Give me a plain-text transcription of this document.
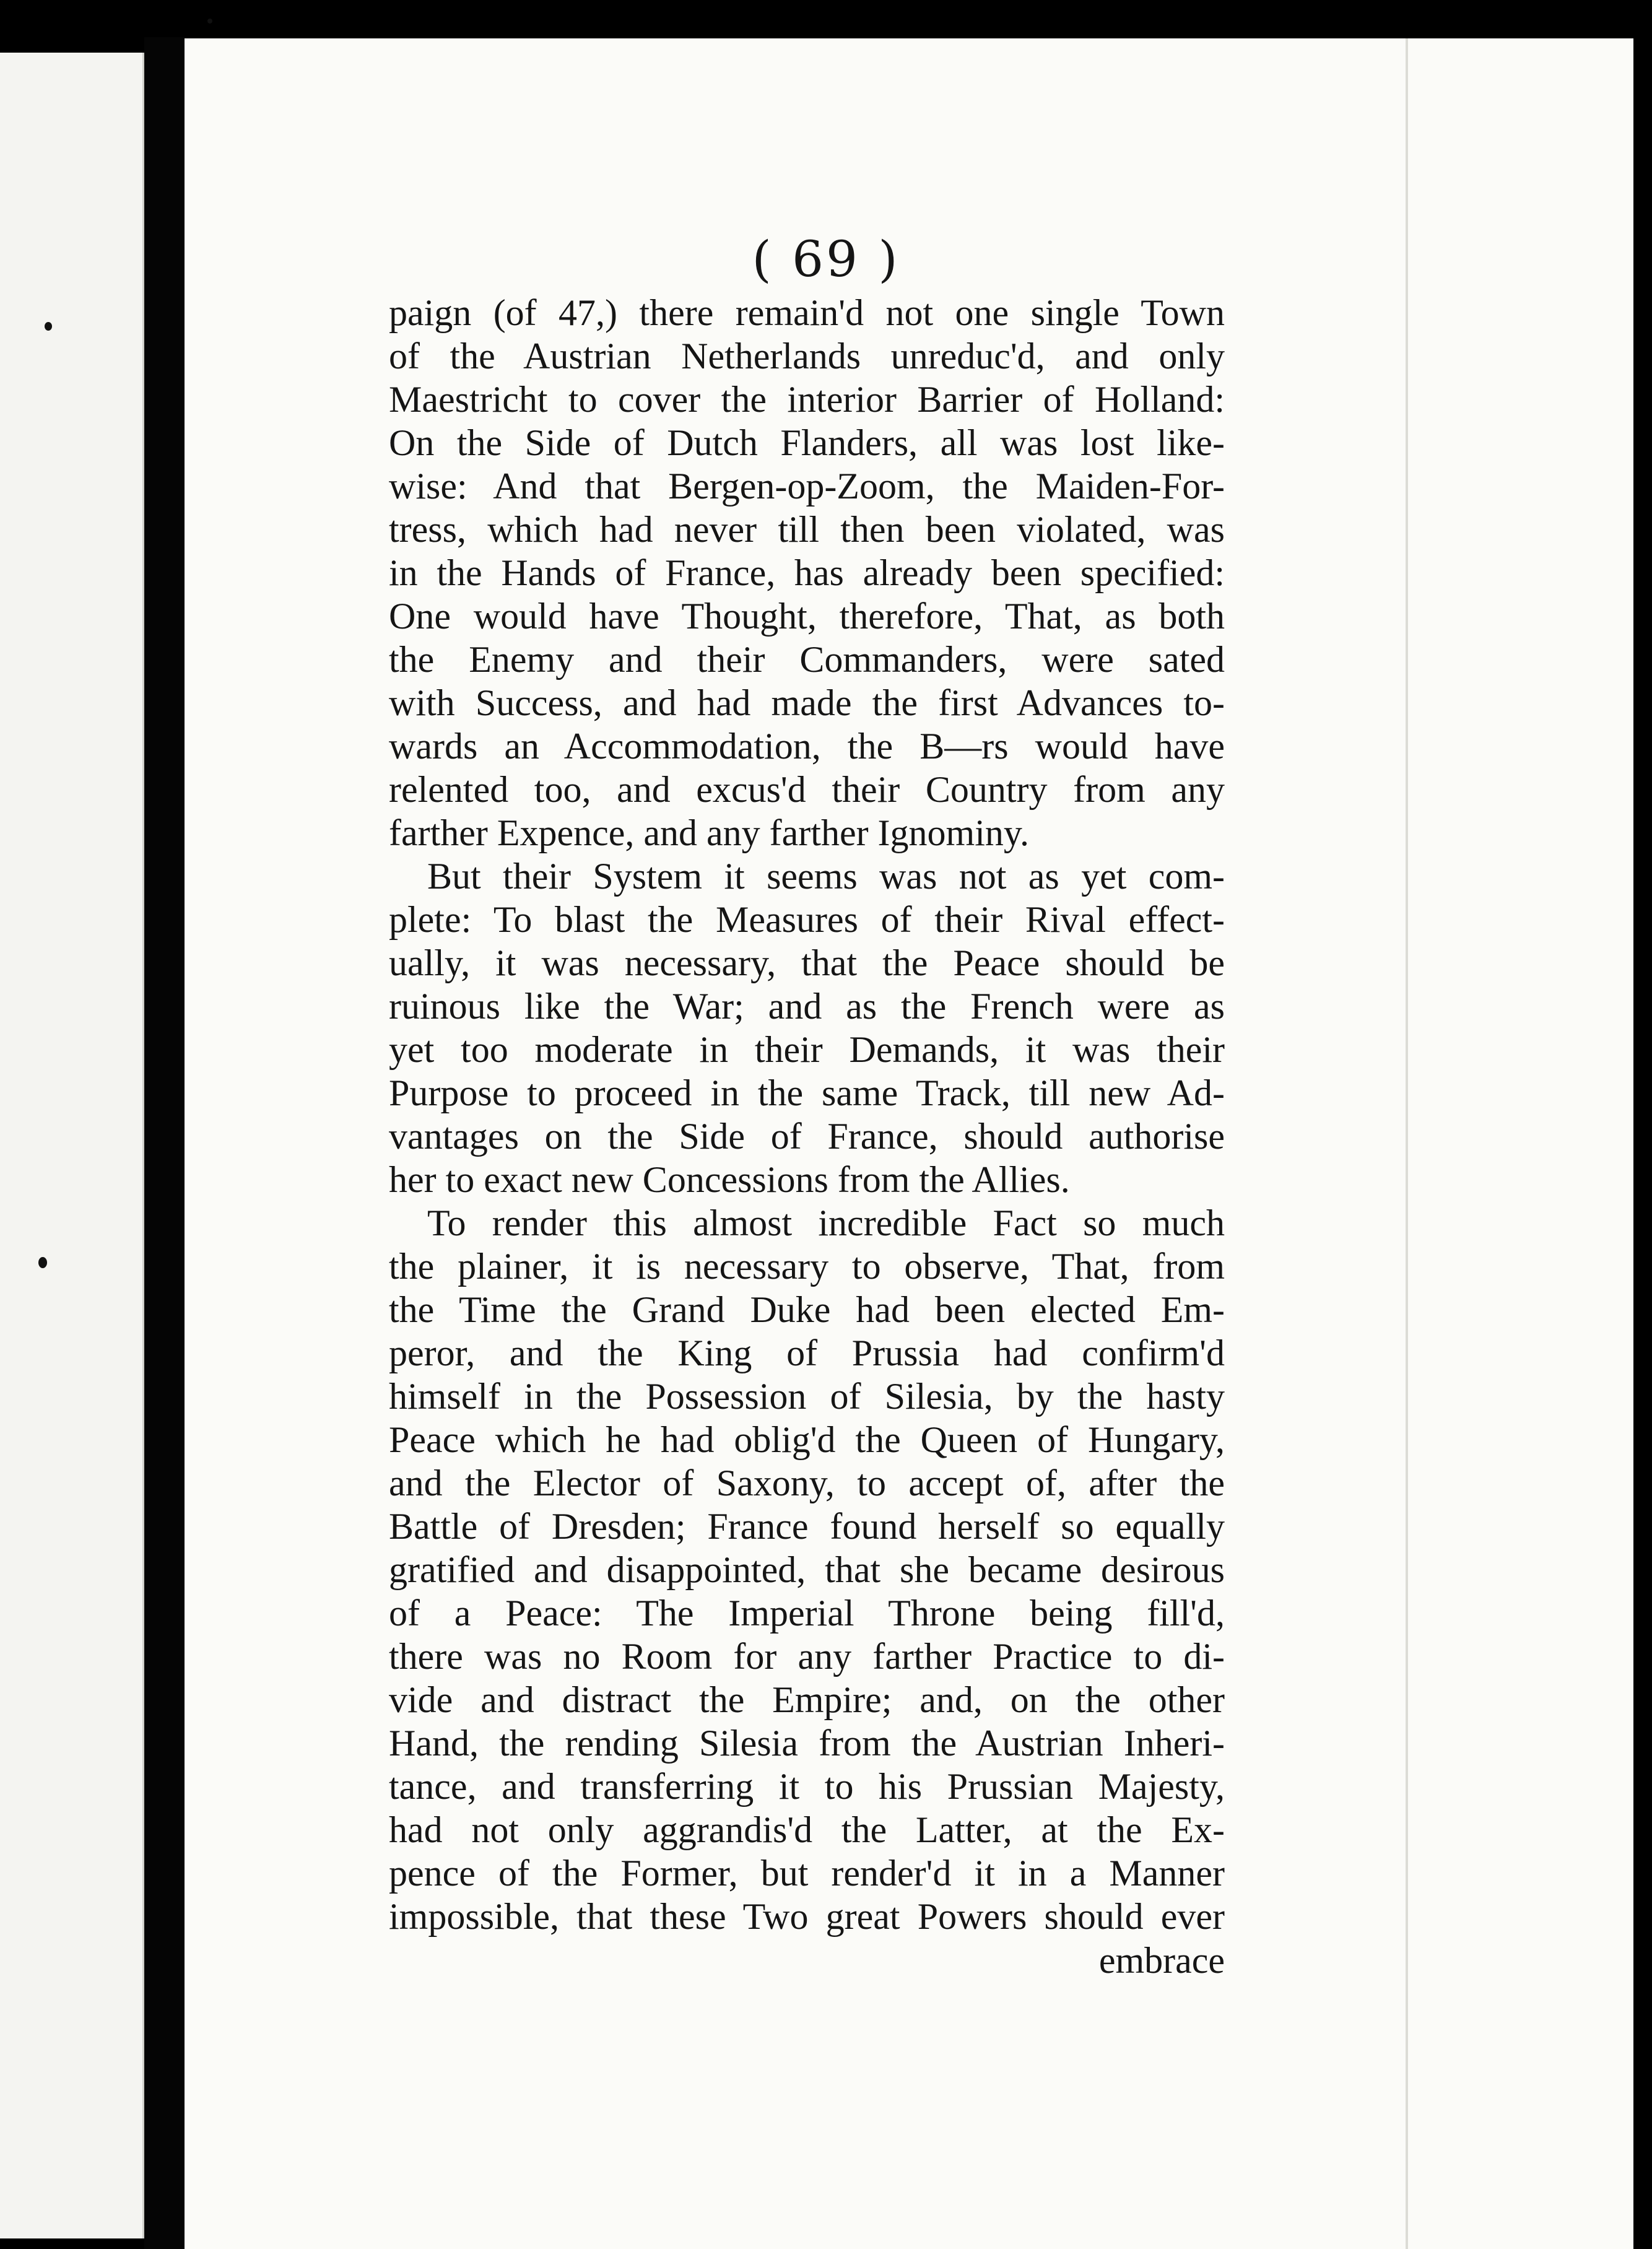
( 69 )
paign (of 47,) there remain'd not one single Town
of the Austrian Netherlands unreduc'd, and only
Maestricht to cover the interior Barrier of Holland:
On the Side of Dutch Flanders, all was lost like-
wise: And that Bergen-op-Zoom, the Maiden-For-
tress, which had never till then been violated, was
in the Hands of France, has already been specified:
One would have Thought, therefore, That, as both
the Enemy and their Commanders, were sated
with Success, and had made the first Advances to-
wards an Accommodation, the B—rs would have
relented too, and excus'd their Country from any
farther Expence, and any farther Ignominy.
But their System it seems was not as yet com-
plete: To blast the Measures of their Rival effect-
ually, it was necessary, that the Peace should be
ruinous like the War; and as the French were as
yet too moderate in their Demands, it was their
Purpose to proceed in the same Track, till new Ad-
vantages on the Side of France, should authorise
her to exact new Concessions from the Allies.
To render this almost incredible Fact so much
the plainer, it is necessary to observe, That, from
the Time the Grand Duke had been elected Em-
peror, and the King of Prussia had confirm'd
himself in the Possession of Silesia, by the hasty
Peace which he had oblig'd the Queen of Hungary,
and the Elector of Saxony, to accept of, after the
Battle of Dresden; France found herself so equally
gratified and disappointed, that she became desirous
of a Peace: The Imperial Throne being fill'd,
there was no Room for any farther Practice to di-
vide and distract the Empire; and, on the other
Hand, the rending Silesia from the Austrian Inheri-
tance, and transferring it to his Prussian Majesty,
had not only aggrandis'd the Latter, at the Ex-
pence of the Former, but render'd it in a Manner
impossible, that these Two great Powers should ever
embrace
